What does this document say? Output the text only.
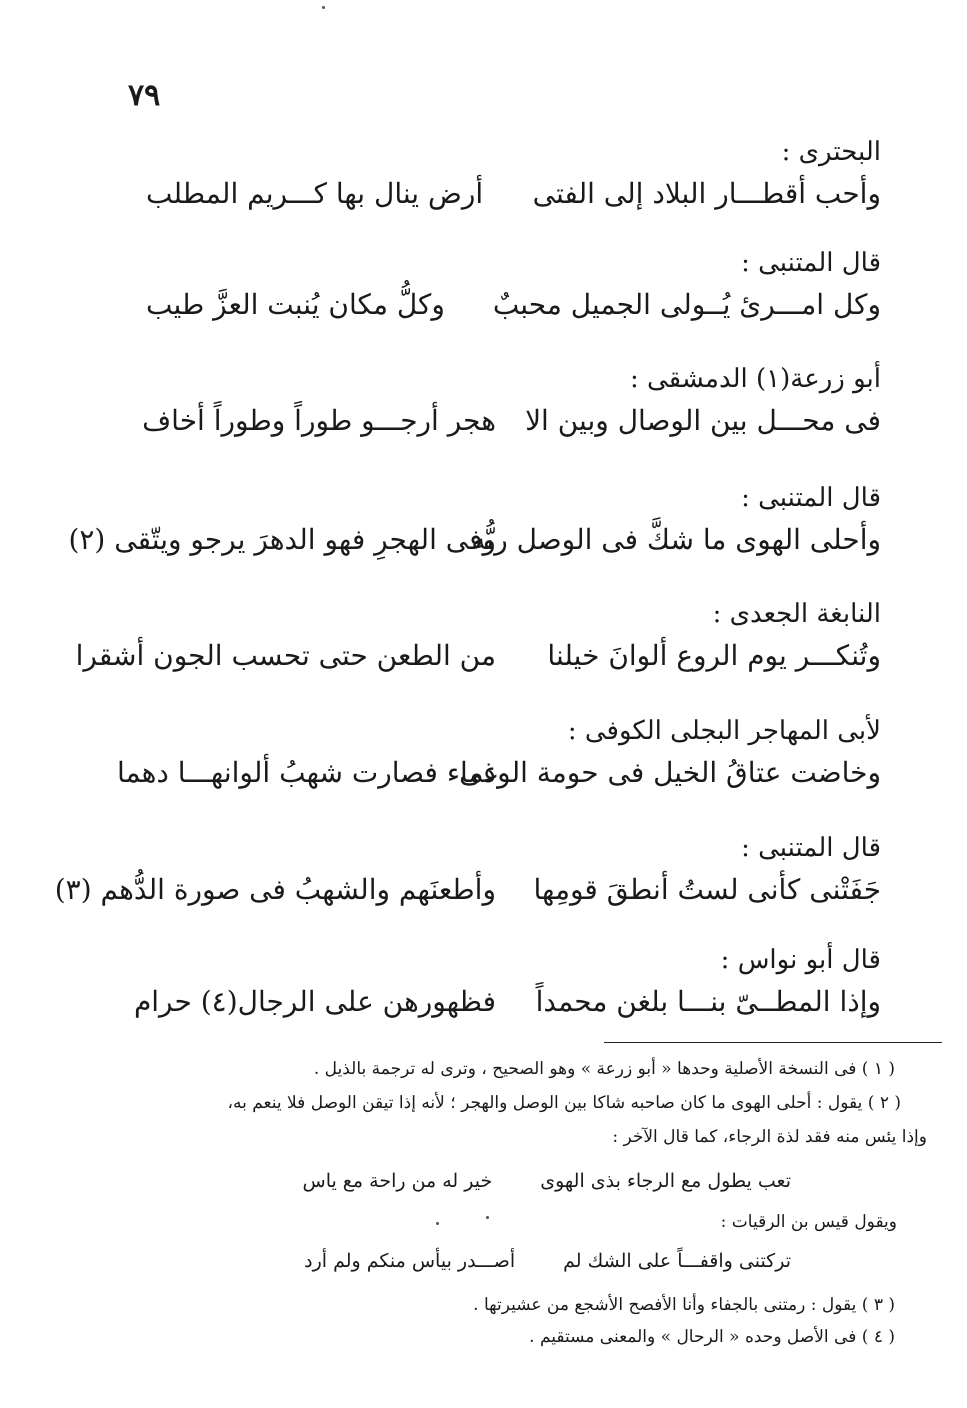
٧٩
البحترى :
وأحب أقطـــار البلاد إلى الفتى
أرض ينال بها كـــريم المطلب
قال المتنبى :
وكل امـــرئ يُــولى الجميل محببٌ
وكلُّ مكان يُنبت العزَّ طيب
أبو زرعة(١) الدمشقى :
فى محـــل بين الوصال وبين الا
هجر أرجـــو طوراً وطوراً أخاف
قال المتنبى :
وأحلى الهوى ما شكَّ فى الوصل ربُّه
وفى الهجرِ فهو الدهرَ يرجو ويتّقى (٢)
النابغة الجعدى :
وتُنكـــر يوم الروع ألوانَ خيلنا
من الطعن حتى تحسب الجون أشقرا
لأبى المهاجر البجلى الكوفى :
وخاضت عتاقُ الخيل فى حومة الوغى
دماء فصارت شهبُ ألوانهـــا دهما
قال المتنبى :
جَفَتْنى كأنى لستُ أنطقَ قومِها
وأطعنَهم والشهبُ فى صورة الدُّهم (٣)
قال أبو نواس :
وإذا المطــىّ بنـــا بلغن محمداً
فظهورهن على الرجال(٤) حرام
( ١ ) فى النسخة الأصلية وحدها « أبو زرعة » وهو الصحيح ، وترى له ترجمة بالذيل .
( ٢ ) يقول : أحلى الهوى ما كان صاحبه شاكا بين الوصل والهجر ؛ لأنه إذا تيقن الوصل فلا ينعم به،
وإذا يئس منه فقد لذة الرجاء، كما قال الآخر :
تعب يطول مع الرجاء بذى الهوى
خير له من راحة مع ياس
ويقول قيس بن الرقيات :
تركتنى واقفـــاً على الشك لم
أصـــدر بيأس منكم ولم أرد
( ٣ ) يقول : رمتنى بالجفاء وأنا الأفصح الأشجع من عشيرتها .
( ٤ ) فى الأصل وحده « الرحال » والمعنى مستقيم .
